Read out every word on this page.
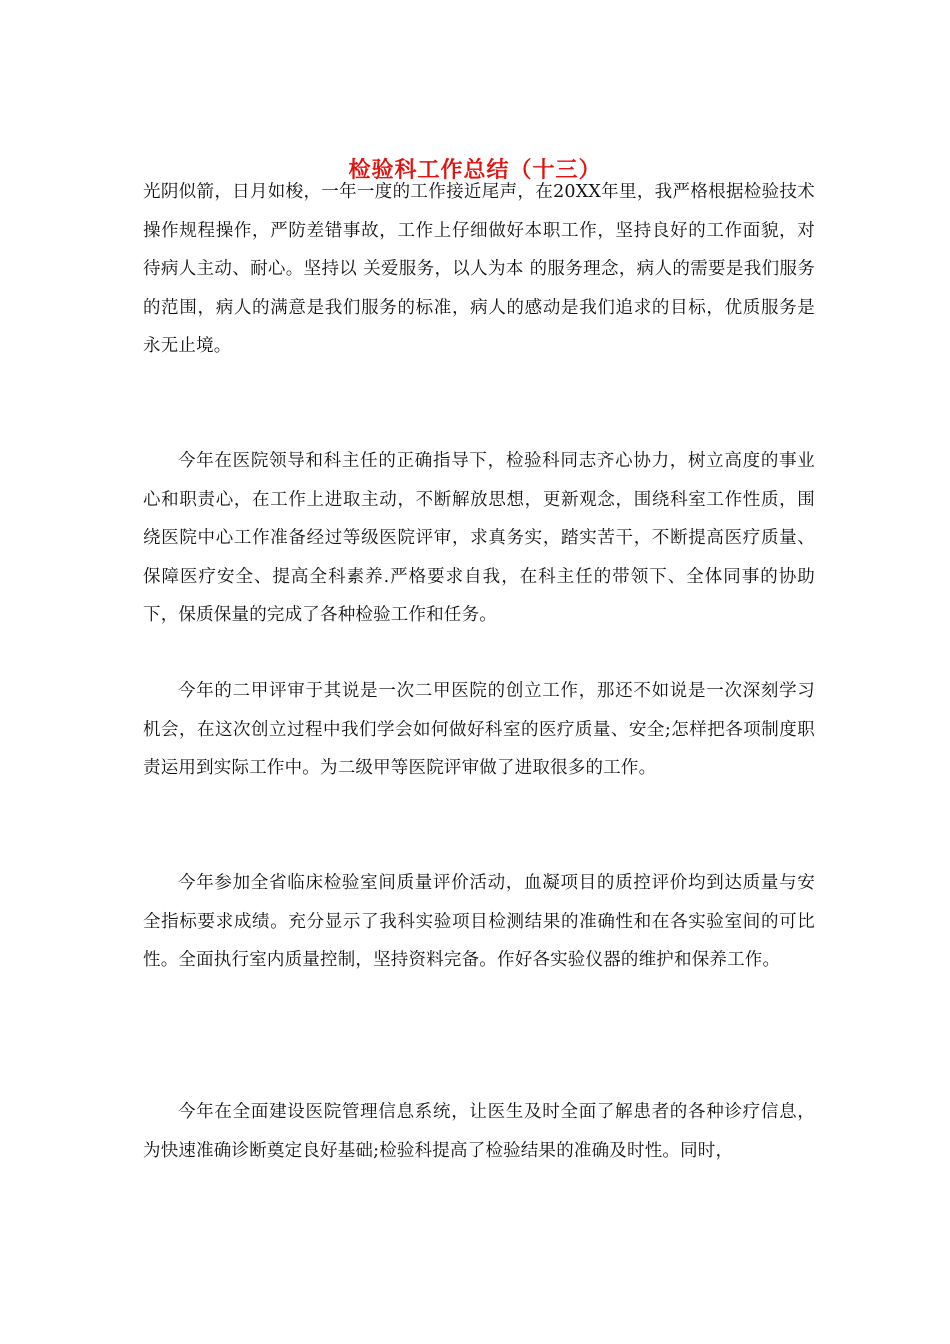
检验科工作总结（十三）

光阴似箭，日月如梭，一年一度的工作接近尾声，在20XX年里，我严格根据检验技术操作规程操作，严防差错事故，工作上仔细做好本职工作，坚持良好的工作面貌，对待病人主动、耐心。坚持以 关爱服务，以人为本 的服务理念，病人的需要是我们服务的范围，病人的满意是我们服务的标准，病人的感动是我们追求的目标，优质服务是永无止境。

今年在医院领导和科主任的正确指导下，检验科同志齐心协力，树立高度的事业心和职责心，在工作上进取主动，不断解放思想，更新观念，围绕科室工作性质，围绕医院中心工作准备经过等级医院评审，求真务实，踏实苦干，不断提高医疗质量、保障医疗安全、提高全科素养.严格要求自我，在科主任的带领下、全体同事的协助下，保质保量的完成了各种检验工作和任务。

今年的二甲评审于其说是一次二甲医院的创立工作，那还不如说是一次深刻学习机会，在这次创立过程中我们学会如何做好科室的医疗质量、安全;怎样把各项制度职责运用到实际工作中。为二级甲等医院评审做了进取很多的工作。

今年参加全省临床检验室间质量评价活动，血凝项目的质控评价均到达质量与安全指标要求成绩。充分显示了我科实验项目检测结果的准确性和在各实验室间的可比性。全面执行室内质量控制，坚持资料完备。作好各实验仪器的维护和保养工作。

今年在全面建设医院管理信息系统，让医生及时全面了解患者的各种诊疗信息，为快速准确诊断奠定良好基础;检验科提高了检验结果的准确及时性。同时，
